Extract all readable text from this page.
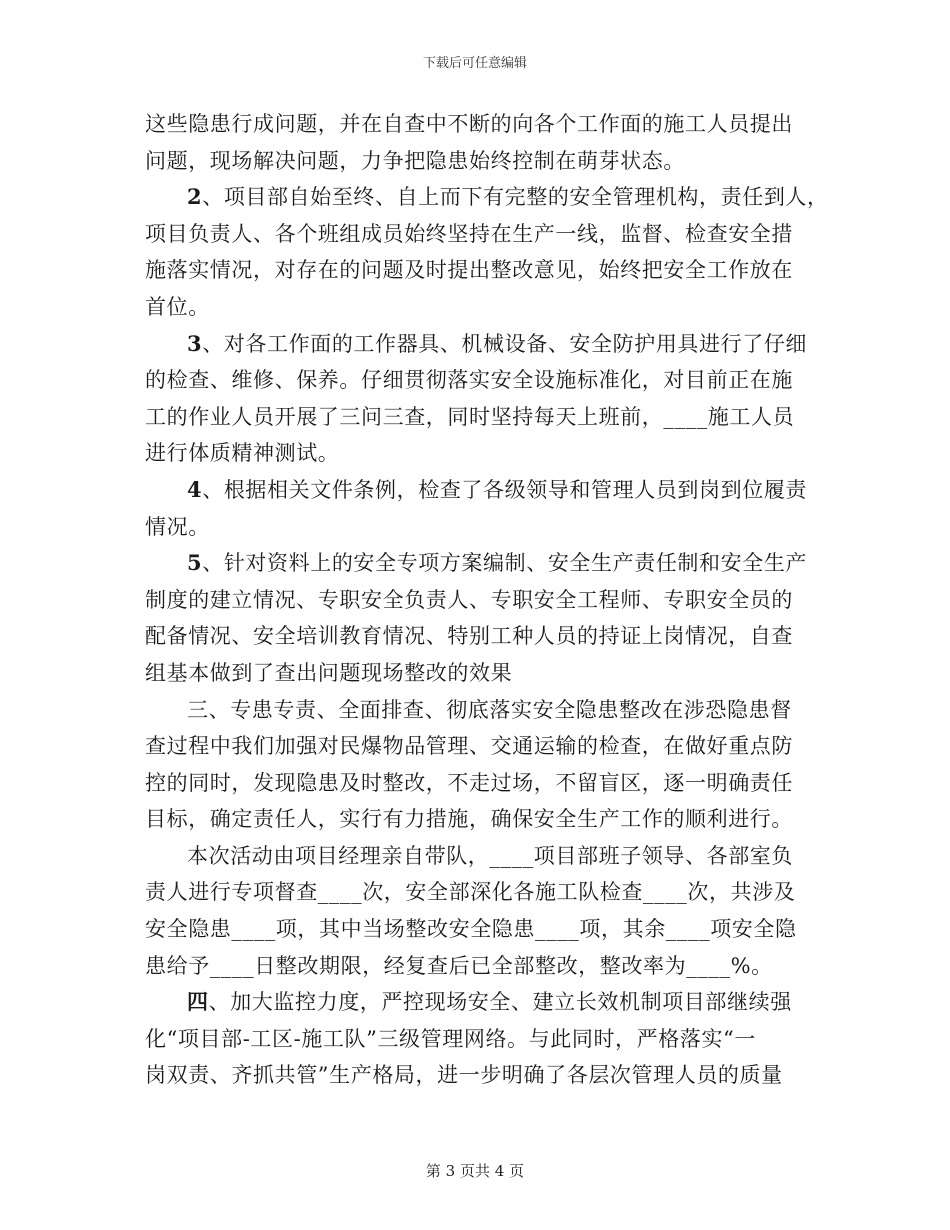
下载后可任意编辑
这些隐患行成问题，并在自查中不断的向各个工作面的施工人员提出
问题，现场解决问题，力争把隐患始终控制在萌芽状态。
2、项目部自始至终、自上而下有完整的安全管理机构，责任到人，
项目负责人、各个班组成员始终坚持在生产一线，监督、检查安全措
施落实情况，对存在的问题及时提出整改意见，始终把安全工作放在
首位。
3、对各工作面的工作器具、机械设备、安全防护用具进行了仔细
的检查、维修、保养。仔细贯彻落实安全设施标准化，对目前正在施
工的作业人员开展了三问三查，同时坚持每天上班前，____施工人员
进行体质精神测试。
4、根据相关文件条例，检查了各级领导和管理人员到岗到位履责
情况。
5、针对资料上的安全专项方案编制、安全生产责任制和安全生产
制度的建立情况、专职安全负责人、专职安全工程师、专职安全员的
配备情况、安全培训教育情况、特别工种人员的持证上岗情况，自查
组基本做到了查出问题现场整改的效果
三、专患专责、全面排查、彻底落实安全隐患整改在涉恐隐患督
查过程中我们加强对民爆物品管理、交通运输的检查，在做好重点防
控的同时，发现隐患及时整改，不走过场，不留盲区，逐一明确责任
目标，确定责任人，实行有力措施，确保安全生产工作的顺利进行。
本次活动由项目经理亲自带队，____项目部班子领导、各部室负
责人进行专项督查____次，安全部深化各施工队检查____次，共涉及
安全隐患____项，其中当场整改安全隐患____项，其余____项安全隐
患给予____日整改期限，经复查后已全部整改，整改率为____%。
四、加大监控力度，严控现场安全、建立长效机制项目部继续强
化“项目部-工区-施工队”三级管理网络。与此同时，严格落实“一
岗双责、齐抓共管”生产格局，进一步明确了各层次管理人员的质量
第 3 页共 4 页
